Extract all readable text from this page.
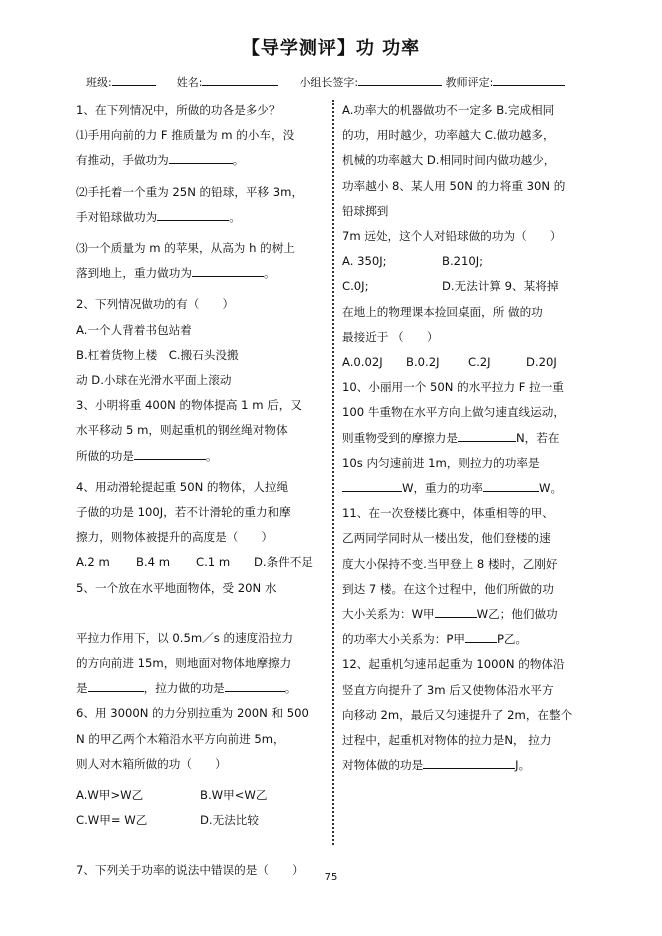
【导学测评】功 功率
班级:	姓名:	小组长签字:	教师评定:

1、在下列情况中，所做的功各是多少？

⑴手用向前的力 F 推质量为 m 的小车，没

有推动，手做功为	。

⑵手托着一个重为 25N 的铅球，平移 3m，

手对铅球做功为	。

⑶一个质量为 m 的苹果，从高为 h 的树上

落到地上，重力做功为	。

2、下列情况做功的有（　　）

A.一个人背着书包站着

B.杠着货物上楼　C.搬石头没搬

动 D.小球在光滑水平面上滚动

3、小明将重 400N 的物体提高 1 m 后，又

水平移动 5 m，则起重机的钢丝绳对物体

所做的功是	。

4、用动滑轮提起重 50N 的物体，人拉绳

子做的功是 100J，若不计滑轮的重力和摩

擦力，则物体被提升的高度是（　　）

A.2 m B.4 m C.1 m D.条件不足

5、一个放在水平地面物体，受 20N 水

平拉力作用下，以 0.5m／s 的速度沿拉力

的方向前进 15m，则地面对物体地摩擦力

是	，拉力做的功是	。

6、用 3000N 的力分别拉重为 200N 和 500

N 的甲乙两个木箱沿水平方向前进 5m，

则人对木箱所做的功（　　）

A.W甲>W乙	B.W甲<W乙

C.W甲= W乙	D.无法比较

7、下列关于功率的说法中错误的是（　　）

A.功率大的机器做功不一定多 B.完成相同

的功，用时越少，功率越大 C.做功越多，

机械的功率越大 D.相同时间内做功越少，

功率越小 8、某人用 50N 的力将重 30N 的

铅球掷到

7m 远处，这个人对铅球做的功为（　　）

A. 350J;	B.210J;

C.0J;	D.无法计算 9、某将掉

在地上的物理课本捡回桌面，所 做的功

最接近于 （　　）

A.0.02J B.0.2J C.2J	D.20J

10、小丽用一个 50N 的水平拉力 F 拉一重

100 牛重物在水平方向上做匀速直线运动，

则重物受到的摩擦力是	N，若在

10s 内匀速前进 1m，则拉力的功率是

W，重力的功率	W。

11、在一次登楼比赛中，体重相等的甲、

乙两同学同时从一楼出发，他们登楼的速

度大小保持不变.当甲登上 8 楼时，乙刚好

到达 7 楼。在这个过程中，他们所做的功

大小关系为：W甲	W乙；他们做功

的功率大小关系为：P甲	P乙。

12、起重机匀速吊起重为 1000N 的物体沿

竖直方向提升了 3m 后又使物体沿水平方

向移动 2m，最后又匀速提升了 2m，在整个

过程中，起重机对物体的拉力是N， 拉力

对物体做的功是	J。

75
